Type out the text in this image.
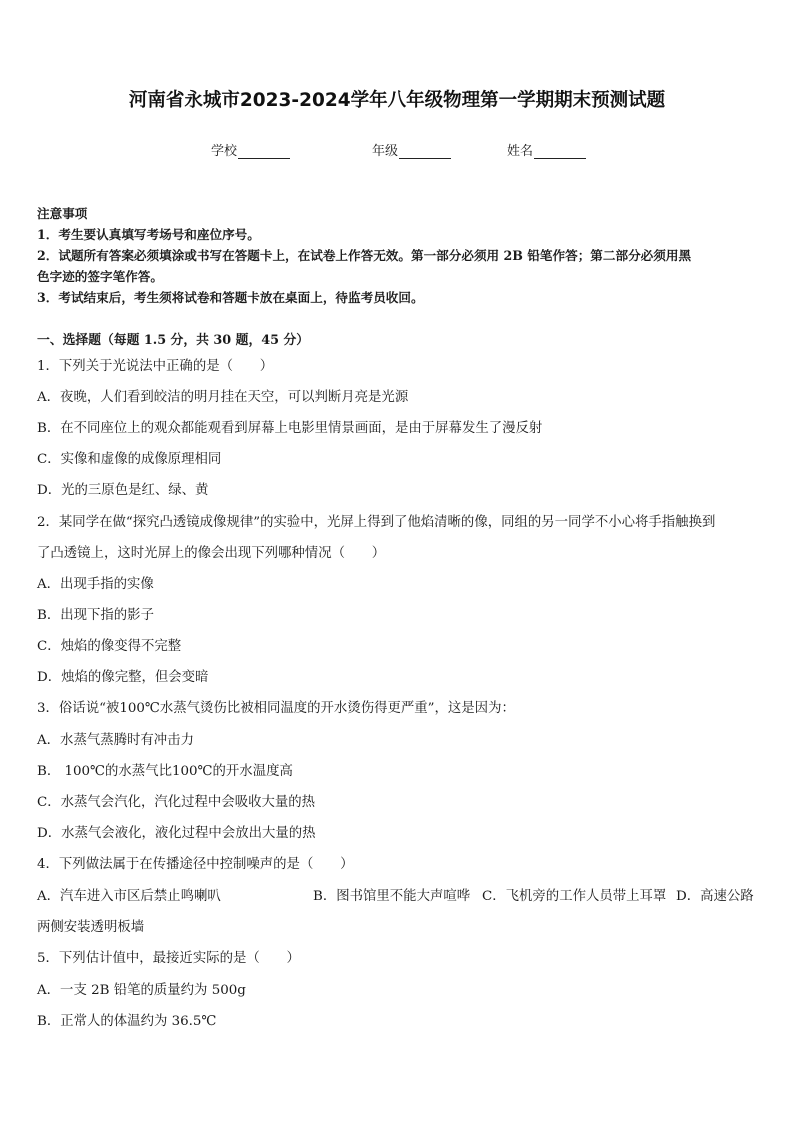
河南省永城市2023-2024学年八年级物理第一学期期末预测试题
学校	年级	姓名
注意事项
1．考生要认真填写考场号和座位序号。
2．试题所有答案必须填涂或书写在答题卡上，在试卷上作答无效。第一部分必须用 2B 铅笔作答；第二部分必须用黑
色字迹的签字笔作答。
3．考试结束后，考生须将试卷和答题卡放在桌面上，待监考员收回。
一、选择题（每题 1.5 分，共 30 题，45 分）
1．下列关于光说法中正确的是（　　）
A．夜晚，人们看到皎洁的明月挂在天空，可以判断月亮是光源
B．在不同座位上的观众都能观看到屏幕上电影里情景画面，是由于屏幕发生了漫反射
C．实像和虚像的成像原理相同
D．光的三原色是红、绿、黄
2．某同学在做“探究凸透镜成像规律”的实验中，光屏上得到了他焰清晰的像，同组的另一同学不小心将手指触换到
了凸透镜上，这时光屏上的像会出现下列哪种情况（　　）
A．出现手指的实像
B．出现下指的影子
C．烛焰的像变得不完整
D．烛焰的像完整，但会变暗
3．俗话说“被100℃水蒸气烫伤比被相同温度的开水烫伤得更严重”，这是因为：
A．水蒸气蒸腾时有冲击力
B． 100℃的水蒸气比100℃的开水温度高
C．水蒸气会汽化，汽化过程中会吸收大量的热
D．水蒸气会液化，液化过程中会放出大量的热
4．下列做法属于在传播途径中控制噪声的是（　　）
A．汽车进入市区后禁止鸣喇叭	B．图书馆里不能大声喧哗 C．飞机旁的工作人员带上耳罩 D．高速公路
两侧安装透明板墙
5．下列估计值中，最接近实际的是（　　）
A．一支 2B 铅笔的质量约为 500g
B．正常人的体温约为 36.5℃
